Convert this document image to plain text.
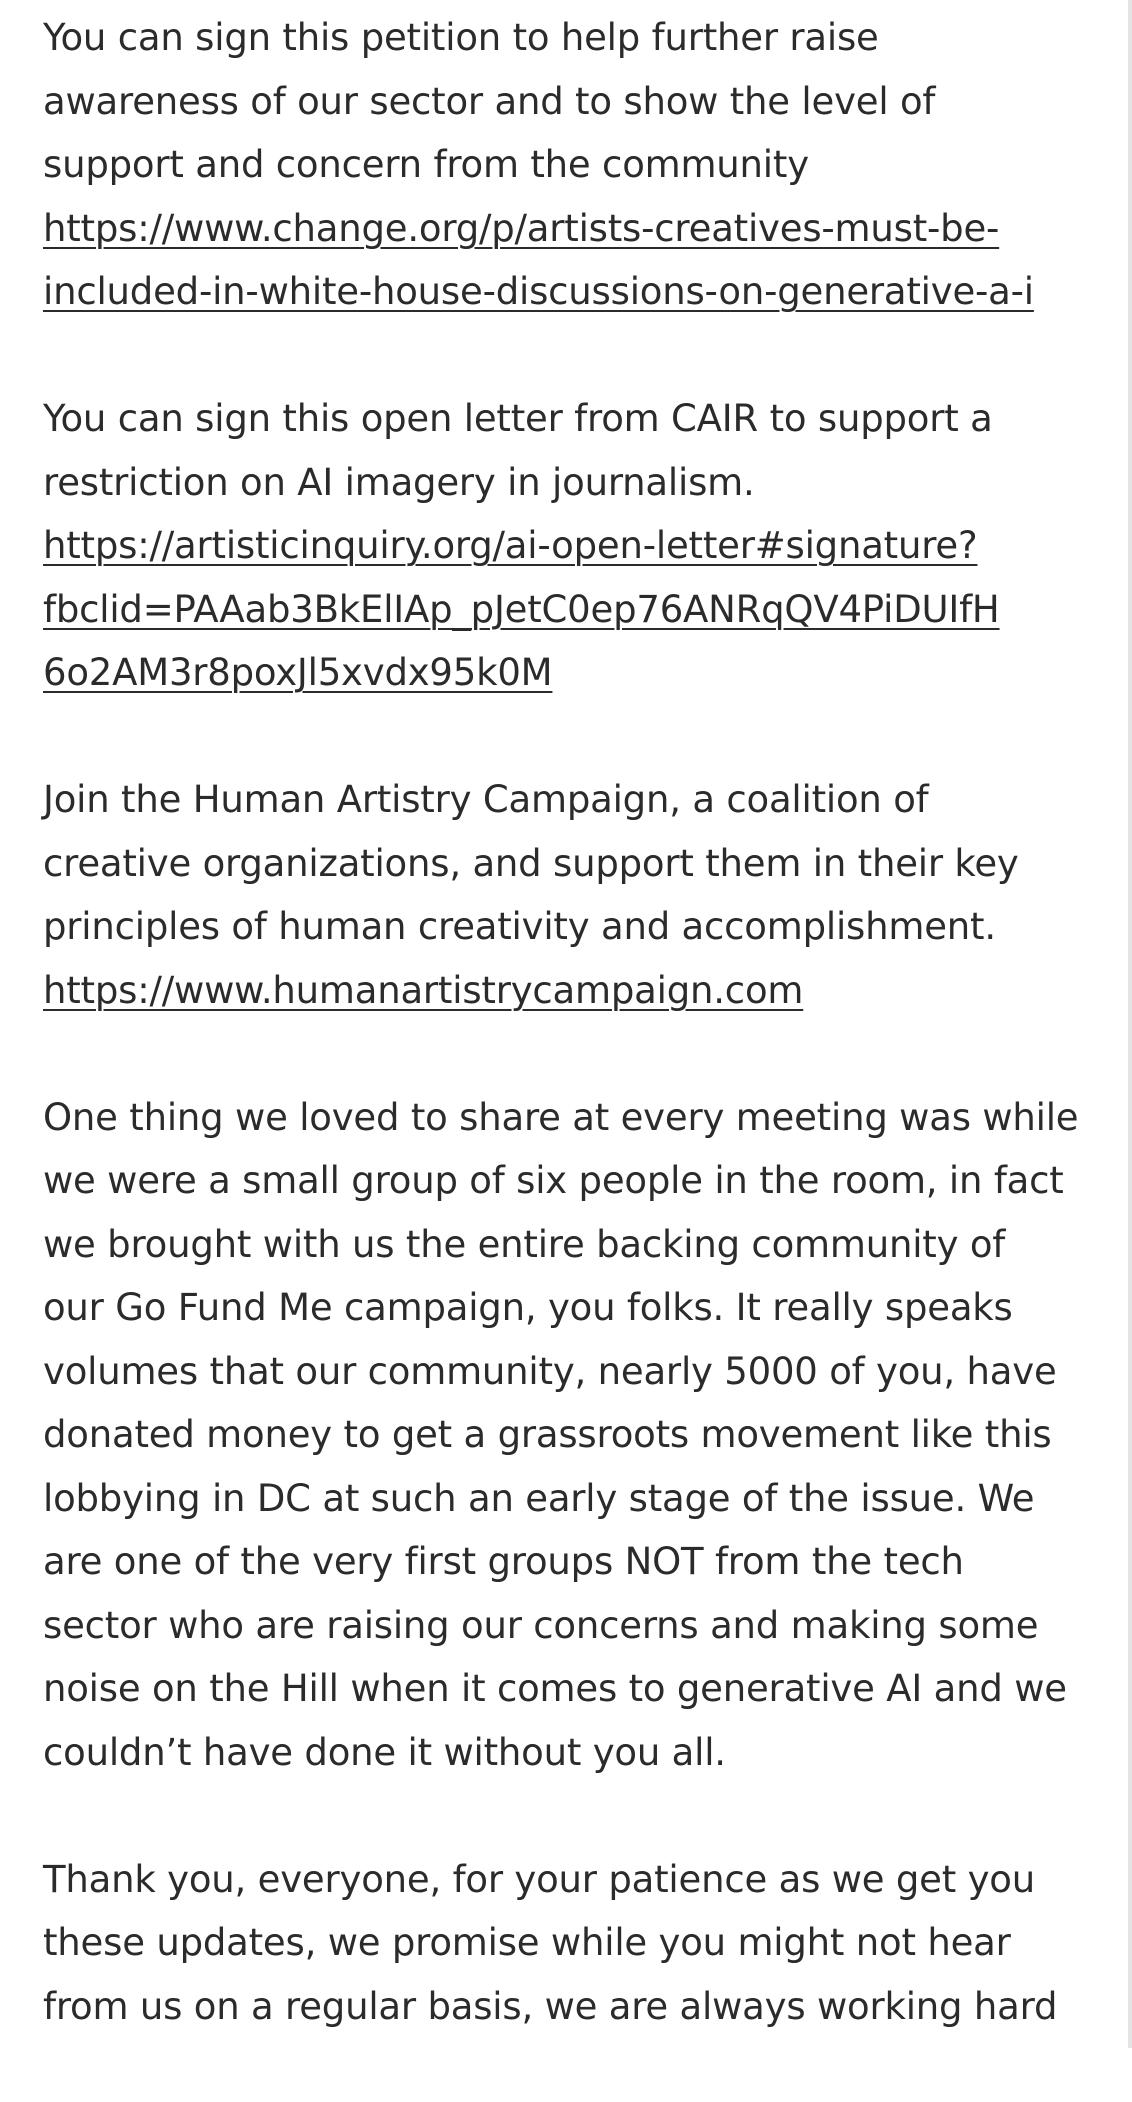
You can sign this petition to help further raise
awareness of our sector and to show the level of
support and concern from the community
https://www.change.org/p/artists-creatives-must-be-
included-in-white-house-discussions-on-generative-a-i

You can sign this open letter from CAIR to support a
restriction on AI imagery in journalism.
https://artisticinquiry.org/ai-open-letter#signature?
fbclid=PAAab3BkElIAp_pJetC0ep76ANRqQV4PiDUIfH
6o2AM3r8poxJl5xvdx95k0M

Join the Human Artistry Campaign, a coalition of
creative organizations, and support them in their key
principles of human creativity and accomplishment.
https://www.humanartistrycampaign.com

One thing we loved to share at every meeting was while
we were a small group of six people in the room, in fact
we brought with us the entire backing community of
our Go Fund Me campaign, you folks. It really speaks
volumes that our community, nearly 5000 of you, have
donated money to get a grassroots movement like this
lobbying in DC at such an early stage of the issue. We
are one of the very first groups NOT from the tech
sector who are raising our concerns and making some
noise on the Hill when it comes to generative AI and we
couldn’t have done it without you all.

Thank you, everyone, for your patience as we get you
these updates, we promise while you might not hear
from us on a regular basis, we are always working hard
